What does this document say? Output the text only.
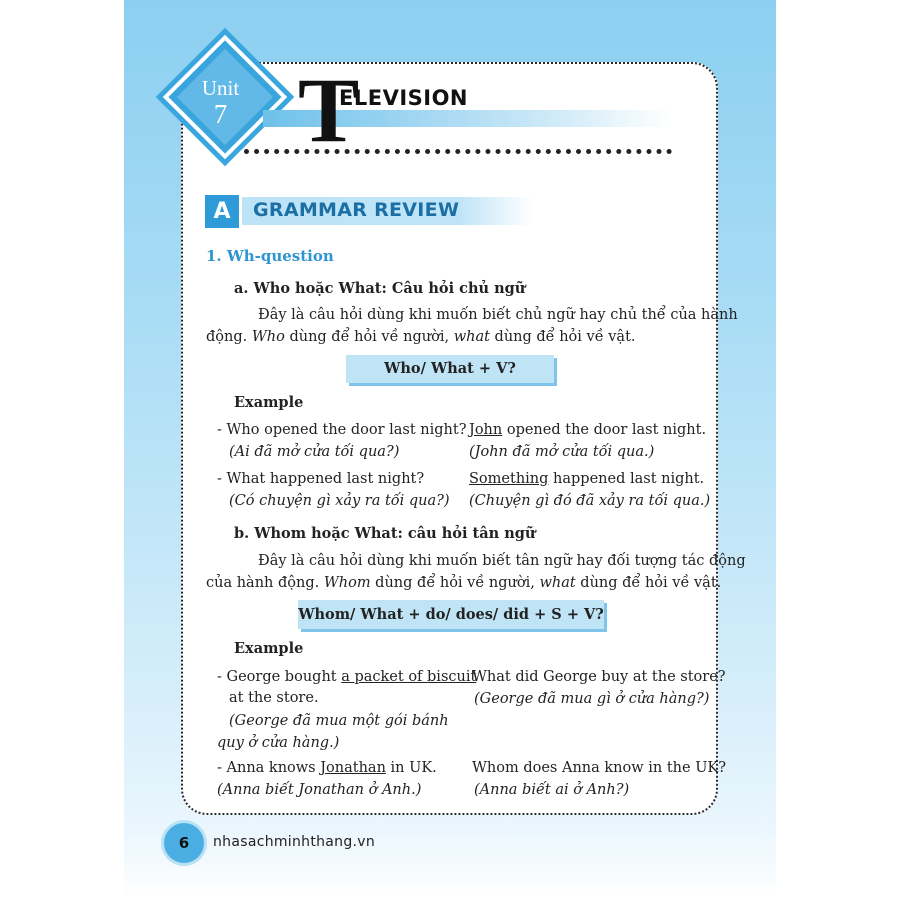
Unit
7 T
ELEVISION
A	GRAMMAR REVIEW
1. Wh-question
a. Who hoặc What: Câu hỏi chủ ngữ
Đây là câu hỏi dùng khi muốn biết chủ ngữ hay chủ thể của hành
động. Who dùng để hỏi về người, what dùng để hỏi về vật.
Who/ What + V?
Example
- Who opened the door last night?
(Ai đã mở cửa tối qua?)
John opened the door last night.
(John đã mở cửa tối qua.)
- What happened last night?
(Có chuyện gì xảy ra tối qua?)
Something happened last night.
(Chuyện gì đó đã xảy ra tối qua.)
b. Whom hoặc What: câu hỏi tân ngữ
Đây là câu hỏi dùng khi muốn biết tân ngữ hay đối tượng tác động
của hành động. Whom dùng để hỏi về người, what dùng để hỏi về vật.
Whom/ What + do/ does/ did + S + V?
Example
- George bought a packet of biscuit
at the store.
(George đã mua một gói bánh
quy ở cửa hàng.)
What did George buy at the store?
(George đã mua gì ở cửa hàng?)
- Anna knows Jonathan in UK.
(Anna biết Jonathan ở Anh.)
Whom does Anna know in the UK?
(Anna biết ai ở Anh?)
6	nhasachminhthang.vn
